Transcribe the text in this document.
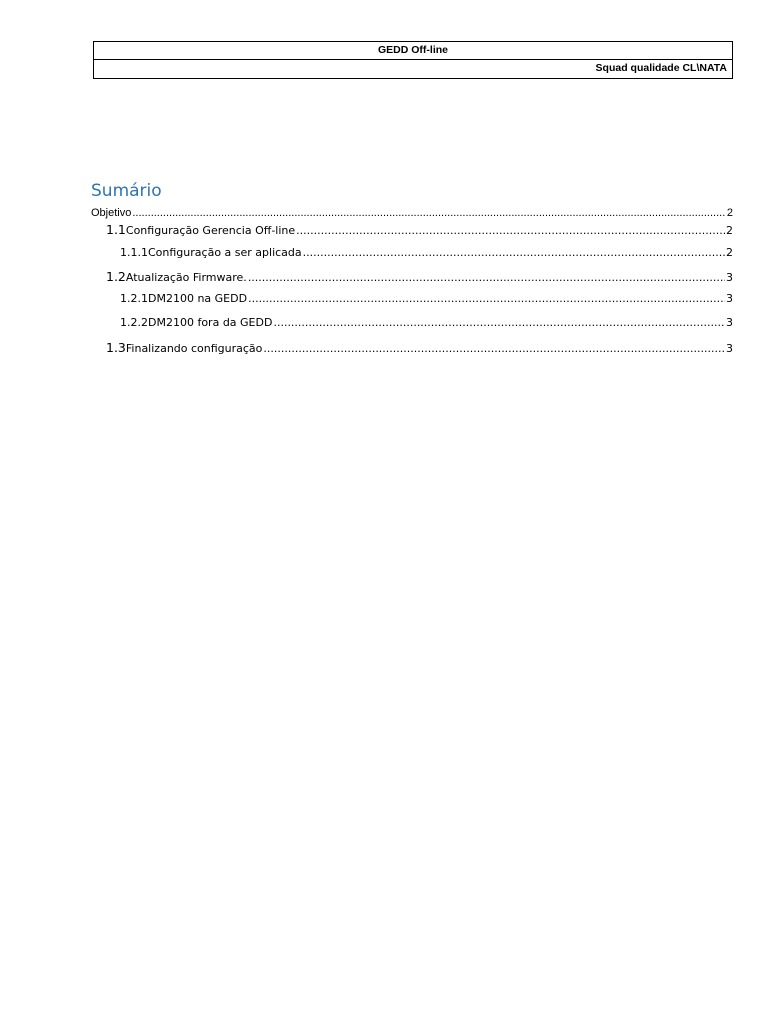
GEDD Off-line
Squad qualidade CL\NATA
Sumário
Objetivo .....	2
1.1 Configuração Gerencia Off-line .....	2
1.1.1 Configuração a ser aplicada .....	2
1.2 Atualização Firmware. .....	3
1.2.1 DM2100 na GEDD .....	3
1.2.2 DM2100 fora da GEDD .....	3
1.3 Finalizando configuração .....	3
